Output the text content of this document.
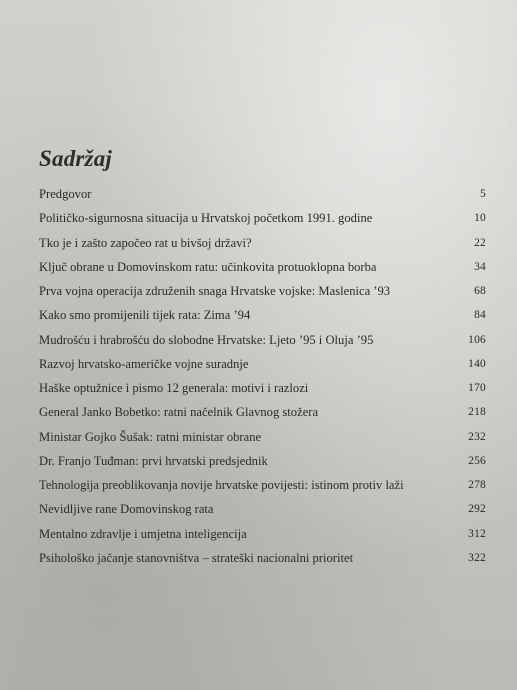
Sadržaj
Predgovor	5
Političko-sigurnosna situacija u Hrvatskoj početkom 1991. godine	10
Tko je i zašto započeo rat u bivšoj državi?	22
Ključ obrane u Domovinskom ratu: učinkovita protuoklopna borba	34
Prva vojna operacija združenih snaga Hrvatske vojske: Maslenica ’93	68
Kako smo promijenili tijek rata: Zima ’94	84
Mudrošću i hrabrošću do slobodne Hrvatske: Ljeto ’95 i Oluja ’95	106
Razvoj hrvatsko-američke vojne suradnje	140
Haške optužnice i pismo 12 generala: motivi i razlozi	170
General Janko Bobetko: ratni načelnik Glavnog stožera	218
Ministar Gojko Šušak: ratni ministar obrane	232
Dr. Franjo Tuđman: prvi hrvatski predsjednik	256
Tehnologija preoblikovanja novije hrvatske povijesti: istinom protiv laži	278
Nevidljive rane Domovinskog rata	292
Mentalno zdravlje i umjetna inteligencija	312
Psihološko jačanje stanovništva – strateški nacionalni prioritet	322
